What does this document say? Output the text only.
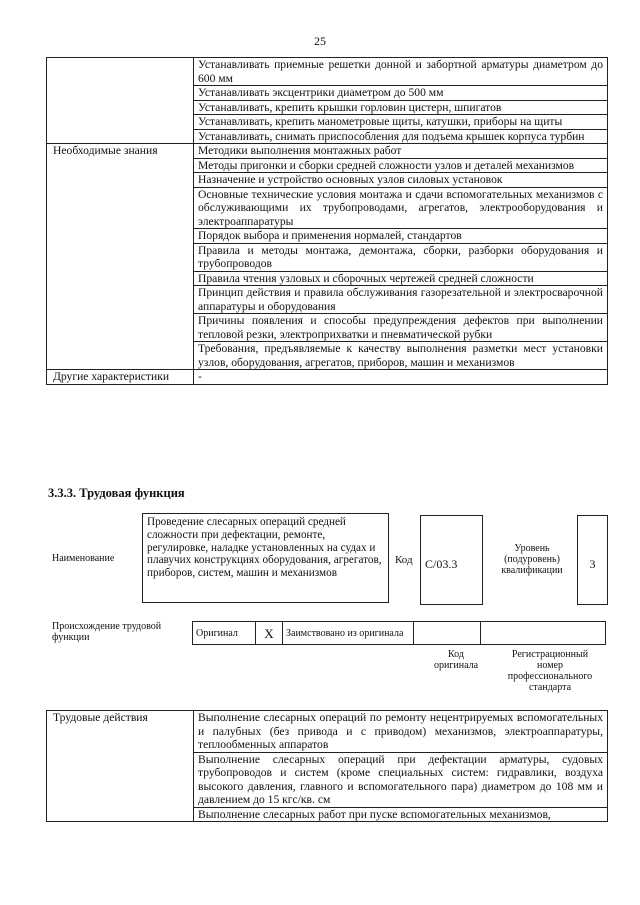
25
	Устанавливать приемные решетки донной и забортной арматуры диаметром до 600 мм
	Устанавливать эксцентрики диаметром до 500 мм
	Устанавливать, крепить крышки горловин цистерн, шпигатов
	Устанавливать, крепить манометровые щиты, катушки, приборы на щиты
	Устанавливать, снимать приспособления для подъема крышек корпуса турбин
Необходимые знания	Методики выполнения монтажных работ
	Методы пригонки и сборки средней сложности узлов и деталей механизмов
	Назначение и устройство основных узлов силовых установок
	Основные технические условия монтажа и сдачи вспомогательных механизмов с обслуживающими их трубопроводами, агрегатов, электрооборудования и электроаппаратуры
	Порядок выбора и применения нормалей, стандартов
	Правила и методы монтажа, демонтажа, сборки, разборки оборудования и трубопроводов
	Правила чтения узловых и сборочных чертежей средней сложности
	Принцип действия и правила обслуживания газорезательной и электросварочной аппаратуры и оборудования
	Причины появления и способы предупреждения дефектов при выполнении тепловой резки, электроприхватки и пневматической рубки
	Требования, предъявляемые к качеству выполнения разметки мест установки узлов, оборудования, агрегатов, приборов, машин и механизмов
Другие характеристики	-
3.3.3. Трудовая функция
Наименование
Проведение слесарных операций средней сложности при дефектации, ремонте, регулировке, наладке установленных на судах и плавучих конструкциях оборудования, агрегатов, приборов, систем, машин и механизмов
Код С/03.3
Уровень (подуровень) квалификации	3
Происхождение трудовой функции	Оригинал	X	Заимствовано из оригинала		
Код оригинала
Регистрационный номер профессионального стандарта
Трудовые действия	Выполнение слесарных операций по ремонту нецентрируемых вспомогательных и палубных (без привода и с приводом) механизмов, электроаппаратуры, теплообменных аппаратов
Выполнение слесарных операций при дефектации арматуры, судовых трубопроводов и систем (кроме специальных систем: гидравлики, воздуха высокого давления, главного и вспомогательного пара) диаметром до 108 мм и давлением до 15 кгс/кв. см
Выполнение слесарных работ при пуске вспомогательных механизмов,
